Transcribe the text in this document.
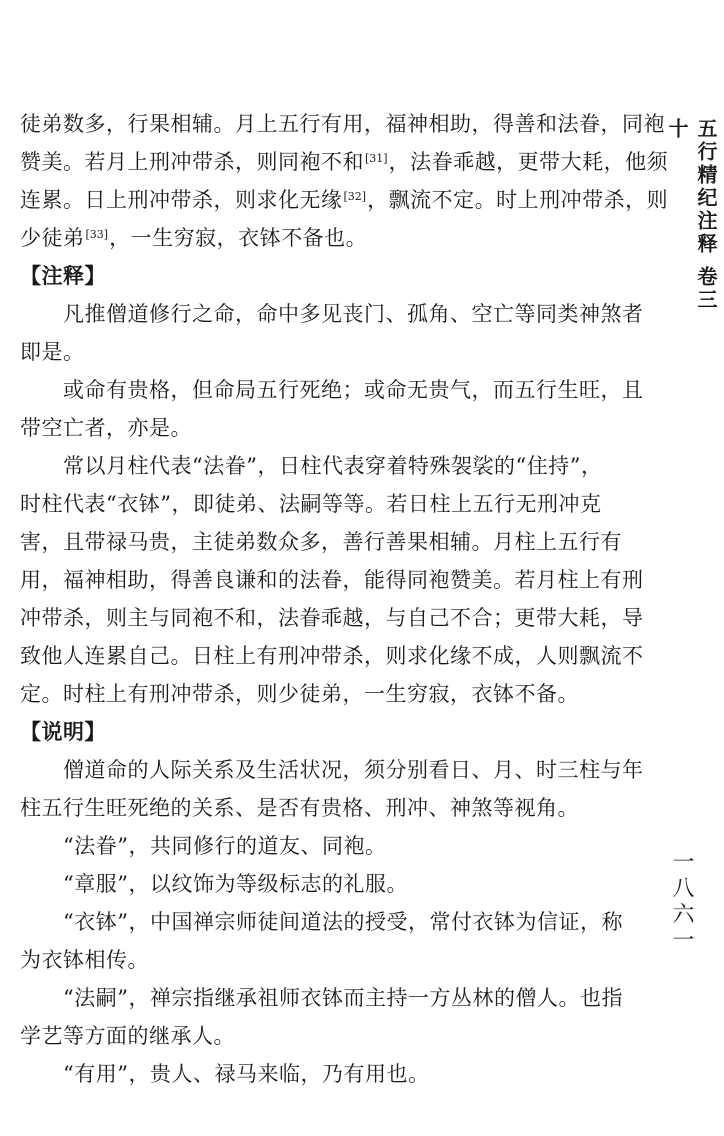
徒弟数多，行果相辅。月上五行有用，福神相助，得善和法眷，同袍
赞美。若月上刑冲带杀，则同袍不和[31]，法眷乖越，更带大耗，他须
连累。日上刑冲带杀，则求化无缘[32]，飘流不定。时上刑冲带杀，则
少徒弟[33]，一生穷寂，衣钵不备也。
【注释】
　　凡推僧道修行之命，命中多见丧门、孤角、空亡等同类神煞者
即是。
　　或命有贵格，但命局五行死绝；或命无贵气，而五行生旺，且
带空亡者，亦是。
　　常以月柱代表“法眷”，日柱代表穿着特殊袈裟的“住持”，
时柱代表“衣钵”，即徒弟、法嗣等等。若日柱上五行无刑冲克
害，且带禄马贵，主徒弟数众多，善行善果相辅。月柱上五行有
用，福神相助，得善良谦和的法眷，能得同袍赞美。若月柱上有刑
冲带杀，则主与同袍不和，法眷乖越，与自己不合；更带大耗，导
致他人连累自己。日柱上有刑冲带杀，则求化缘不成，人则飘流不
定。时柱上有刑冲带杀，则少徒弟，一生穷寂，衣钵不备。
【说明】
　　僧道命的人际关系及生活状况，须分别看日、月、时三柱与年
柱五行生旺死绝的关系、是否有贵格、刑冲、神煞等视角。
　　“法眷”，共同修行的道友、同袍。
　　“章服”，以纹饰为等级标志的礼服。
　　“衣钵”，中国禅宗师徒间道法的授受，常付衣钵为信证，称
为衣钵相传。
　　“法嗣”，禅宗指继承祖师衣钵而主持一方丛林的僧人。也指
学艺等方面的继承人。
　　“有用”，贵人、禄马来临，乃有用也。
五行精纪注释 卷三十
一八六一
